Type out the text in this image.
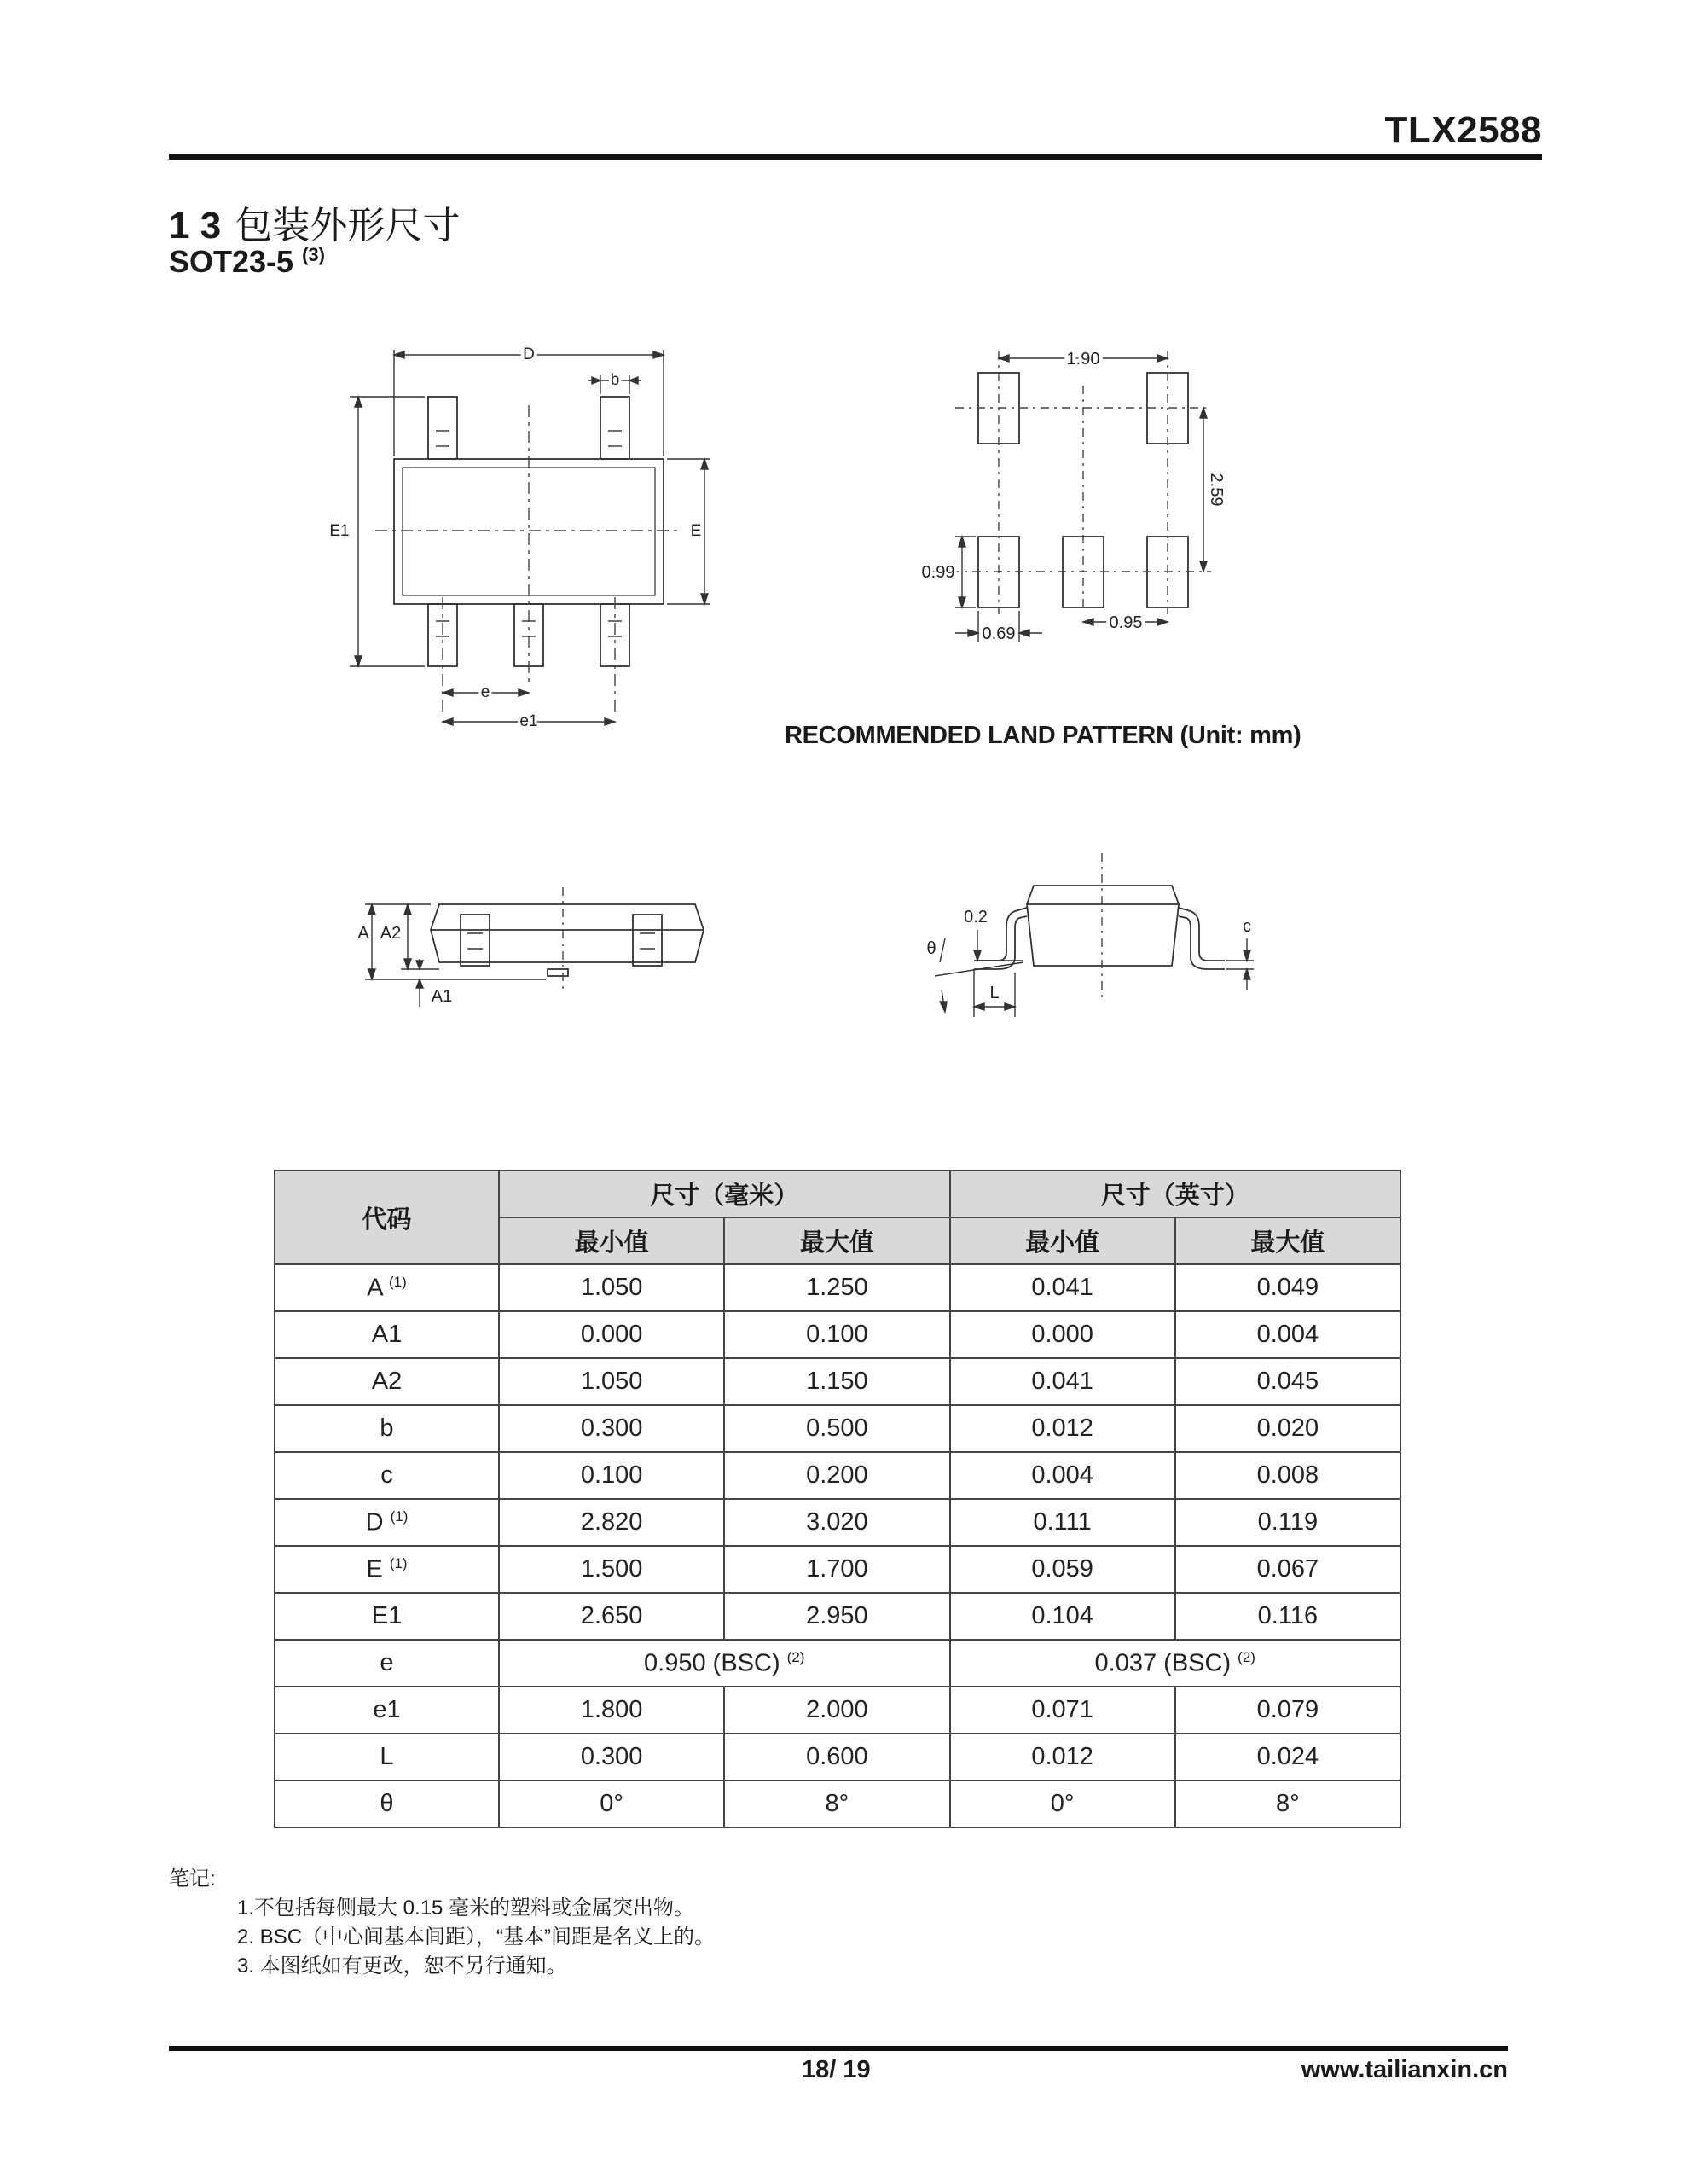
TLX2588
1 3 包装外形尺寸
SOT23-5 $^{(3)}$
D
b
E1	E
e
e1
1.90
2.59
0.99
0.69
0.95
RECOMMENDED LAND PATTERN (Unit: mm)
A A2
A1
0.2
θ
L
c
代码	尺寸（毫米）		尺寸（英寸）	
	最小值	最大值	最小值	最大值
A $^{(1)}$	1.050	1.250	0.041	0.049
A1	0.000	0.100	0.000	0.004
A2	1.050	1.150	0.041	0.045
b	0.300	0.500	0.012	0.020
c	0.100	0.200	0.004	0.008
D $^{(1)}$	2.820	3.020	0.111	0.119
E $^{(1)}$	1.500	1.700	0.059	0.067
E1	2.650	2.950	0.104	0.116
e	0.950 (BSC) $^{(2)}$		0.037 (BSC) $^{(2)}$
e1	1.800	2.000	0.071	0.079
L	0.300	0.600	0.012	0.024
θ	0°	8°	0°	8°
笔记:
1.不包括每侧最大 0.15 毫米的塑料或金属突出物。
2. BSC（中心间基本间距），“基本”间距是名义上的。
3. 本图纸如有更改，恕不另行通知。
18/ 19	www.tailianxin.cn
